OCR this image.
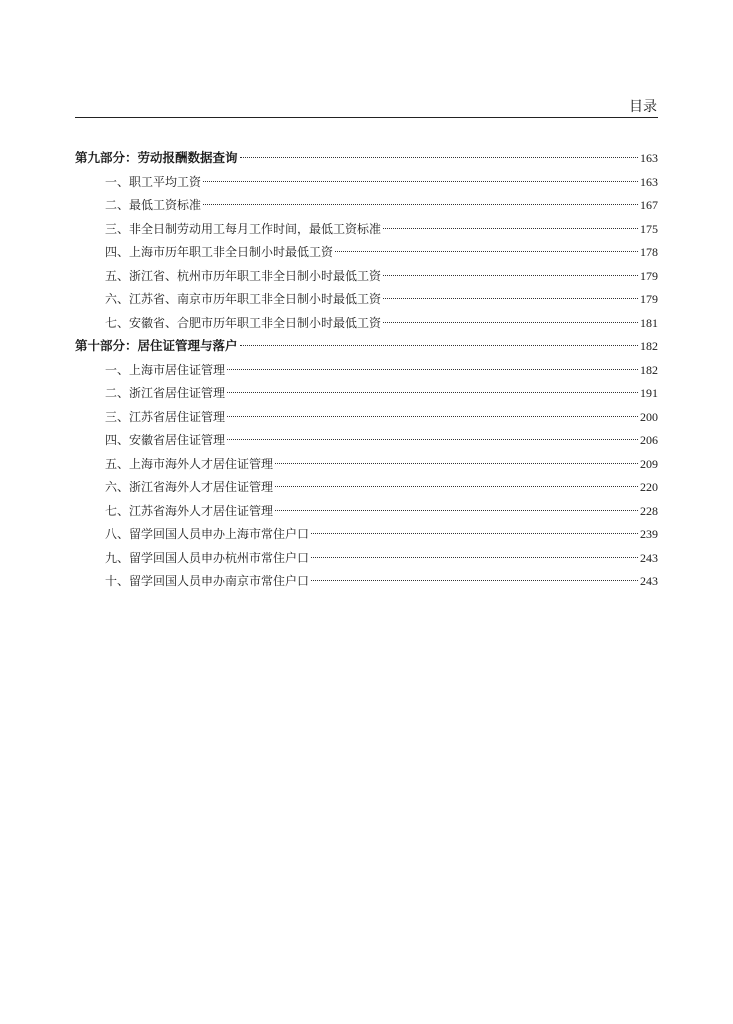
目录
第九部分：劳动报酬数据查询	163
一、职工平均工资	163
二、最低工资标准	167
三、非全日制劳动用工每月工作时间，最低工资标准	175
四、上海市历年职工非全日制小时最低工资	178
五、浙江省、杭州市历年职工非全日制小时最低工资	179
六、江苏省、南京市历年职工非全日制小时最低工资	179
七、安徽省、合肥市历年职工非全日制小时最低工资	181
第十部分：居住证管理与落户	182
一、上海市居住证管理	182
二、浙江省居住证管理	191
三、江苏省居住证管理	200
四、安徽省居住证管理	206
五、上海市海外人才居住证管理	209
六、浙江省海外人才居住证管理	220
七、江苏省海外人才居住证管理	228
八、留学回国人员申办上海市常住户口	239
九、留学回国人员申办杭州市常住户口	243
十、留学回国人员申办南京市常住户口	243
